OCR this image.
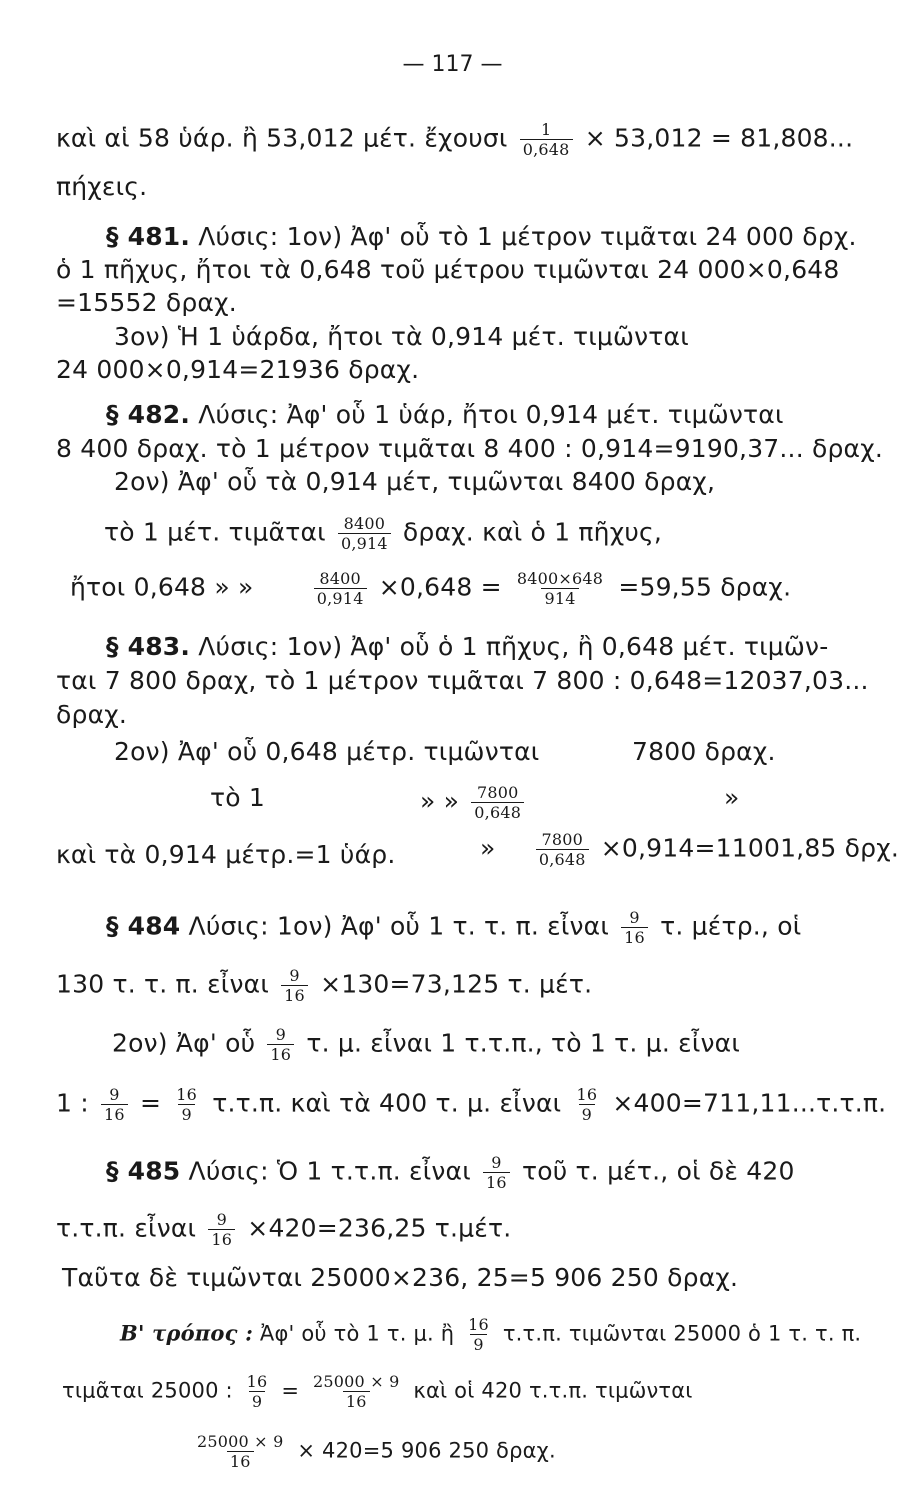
— 117 —
καὶ αἱ 58 ὑάρ. ἢ 53,012 μέτ. ἔχουσι $\frac{1}{0,648} \times 53,012 = 81,808$...
πήχεις.
§ 481. Λύσις: 1ον) Ἀφ' οὗ τὸ 1 μέτρον τιμᾶται 24 000 δρχ.
ὁ 1 πῆχυς, ἤτοι τὰ 0,648 τοῦ μέτρου τιμῶνται 24 000×0,648
=15552 δραχ.
3ον) Ἡ 1 ὑάρδα, ἤτοι τὰ 0,914 μέτ. τιμῶνται
24 000×0,914=21936 δραχ.
§ 482. Λύσις: Ἀφ' οὗ 1 ὑάρ, ἤτοι 0,914 μέτ. τιμῶνται
8 400 δραχ. τὸ 1 μέτρον τιμᾶται 8 400 : 0,914=9190,37... δραχ.
2ον) Ἀφ' οὗ τὰ 0,914 μέτ, τιμῶνται 8400 δραχ,
τὸ 1 μέτ. τιμᾶται $\frac{8400}{0,914} \delta\rho\alpha\chi$. καὶ ὁ 1 πῆχυς,
ἤτοι 0,648 » »	$\frac{8400}{0,914} \times 0,648 = \frac{8400\times 648}{914} =59,55$ δραχ.
§ 483. Λύσις: 1ον) Ἀφ' οὗ ὁ 1 πῆχυς, ἢ 0,648 μέτ. τιμῶν-
ται 7 800 δραχ, τὸ 1 μέτρον τιμᾶται 7 800 : 0,648=12037,03...
δραχ.
2ον) Ἀφ' οὗ 0,648 μέτρ. τιμῶνται	7800 δραχ.
τὸ 1	» » $\frac{7800}{0,648}$	»
καὶ τὰ 0,914 μέτρ.=1 ὑάρ.	»	$\frac{7800}{0,648} \times 0,914=11001,85$ δρχ.
§ 484 Λύσις: 1ον) Ἀφ' οὗ 1 τ. τ. π. εἶναι $\frac{9}{16} \tau$. μέτρ., οἱ
130 τ. τ. π. εἶναι $\frac{9}{16} \times 130=73,125$ τ. μέτ.
2ον) Ἀφ' οὗ $\frac{9}{16} \tau$. μ. εἶναι 1 τ.τ.π., τὸ 1 τ. μ. εἶναι
1 : $\frac{9}{16} = \frac{16}{9} \tau.\tau.\pi$. καὶ τὰ 400 τ. μ. εἶναι $\frac{16}{9} \times 400=711,11...\tau.\tau.\pi$.
§ 485 Λύσις: Ὁ 1 τ.τ.π. εἶναι $\frac{9}{16}$ τοῦ τ. μέτ., οἱ δὲ 420
τ.τ.π. εἶναι $\frac{9}{16} \times 420=236,25$ τ.μέτ.
Ταῦτα δὲ τιμῶνται 25000×236, 25=5 906 250 δραχ.
Β' τρόπος : Ἀφ' οὗ τὸ 1 τ. μ. ἢ $\frac{16}{9} \tau.\tau.\pi$. τιμῶνται 25000 ὁ 1 τ. τ. π.
τιμᾶται 25000 : $\frac{16}{9} = \frac{25000 \times 9}{16}$ καὶ οἱ 420 τ.τ.π. τιμῶνται
$\frac{25000 \times 9}{16} \times 420=5$ 906 250 δραχ.
